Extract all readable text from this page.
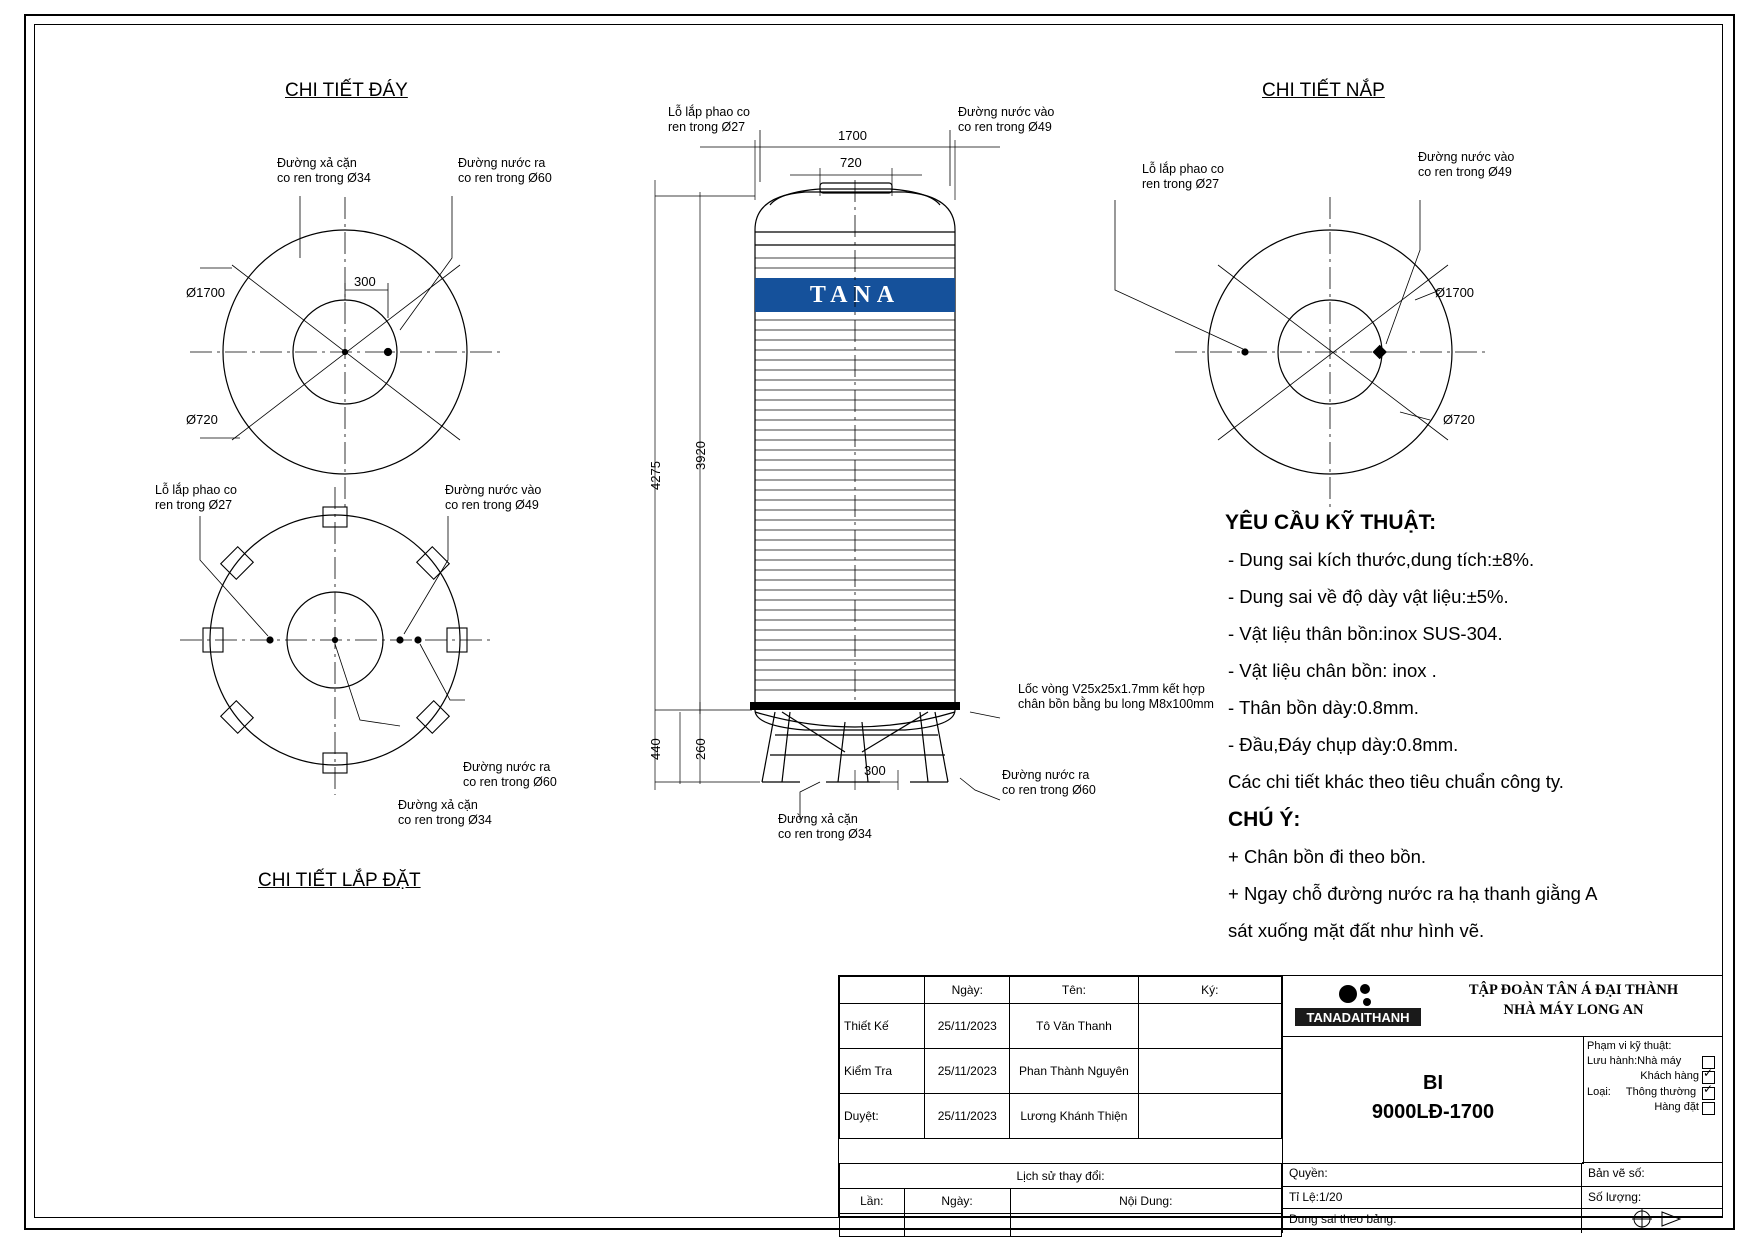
CHI TIẾT ĐÁY
CHI TIẾT LẮP ĐẶT
CHI TIẾT NẮP
Đường xả cặn
co ren trong Ø34
Đường nước ra
co ren trong Ø60
Ø1700
Ø720
300
Lỗ lắp phao co
ren trong Ø27
Đường nước vào
co ren trong Ø49
Đường nước ra
co ren trong Ø60
Đường xả cặn
co ren trong Ø34
Lỗ lắp phao co
ren trong Ø27
Đường nước vào
co ren trong Ø49
Lốc vòng V25x25x1.7mm kết hợp
chân bồn bằng bu long M8x100mm
Đường nước ra
co ren trong Ø60
Đường xả cặn
co ren trong Ø34
1700
720
4275
3920
440 260
300
Lỗ lắp phao co
ren trong Ø27
Đường nước vào
co ren trong Ø49
Ø1700
Ø720
TANA
YÊU CẦU KỸ THUẬT:
- Dung sai kích thước,dung tích:±8%.
- Dung sai về độ dày vật liệu:±5%.
- Vật liệu thân bồn:inox SUS-304.
- Vật liệu chân bồn: inox .
- Thân bồn dày:0.8mm.
- Đầu,Đáy chụp dày:0.8mm.
Các chi tiết khác theo tiêu chuẩn công ty.
CHÚ Ý:
+ Chân bồn đi theo bồn.
+ Ngay chỗ đường nước ra hạ thanh giằng A
sát xuống mặt đất như hình vẽ.
	Ngày:	Tên:	Ký:
Thiết Kế	25/11/2023	Tô Văn Thanh	
Kiểm Tra	25/11/2023	Phan Thành Nguyên	
Duyệt:	25/11/2023	Lương Khánh Thiện	
Lịch sử thay đổi:		
Lần:	Ngày:	Nội Dung:

TANADAITHANH
TẬP ĐOÀN TÂN Á ĐẠI THÀNH
NHÀ MÁY LONG AN
BI
9000LĐ-1700
Phạm vi kỹ thuật:
Lưu hành:Nhà máy
Khách hàng
✓
Loại: Thông thường
✓
Hàng đặt
Quyền:	Bản vẽ số:
Tỉ Lệ:1/20	Số lượng:
Dung sai theo bảng:
